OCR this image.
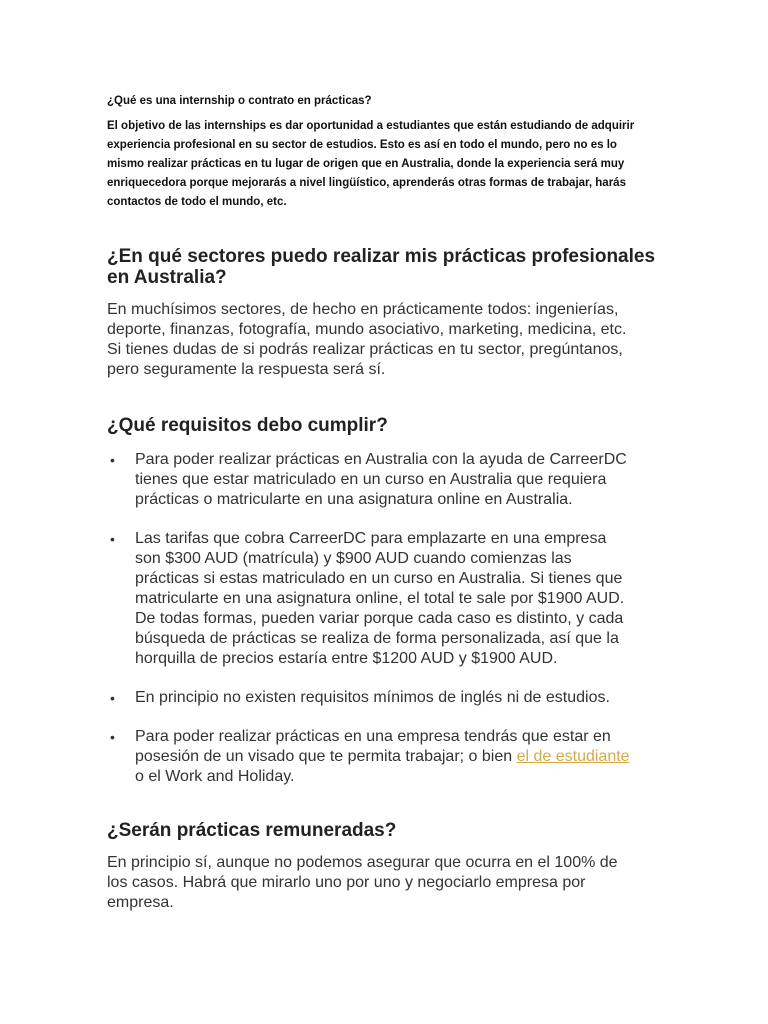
¿Qué es una internship o contrato en prácticas?

El objetivo de las internships es dar oportunidad a estudiantes que están estudiando de adquirir
experiencia profesional en su sector de estudios. Esto es así en todo el mundo, pero no es lo
mismo realizar prácticas en tu lugar de origen que en Australia, donde la experiencia será muy
enriquecedora porque mejorarás a nivel lingüístico, aprenderás otras formas de trabajar, harás
contactos de todo el mundo, etc.

¿En qué sectores puedo realizar mis prácticas profesionales
en Australia?

En muchísimos sectores, de hecho en prácticamente todos: ingenierías,
deporte, finanzas, fotografía, mundo asociativo, marketing, medicina, etc.
Si tienes dudas de si podrás realizar prácticas en tu sector, pregúntanos,
pero seguramente la respuesta será sí.

¿Qué requisitos debo cumplir?
• Para poder realizar prácticas en Australia con la ayuda de CarreerDC
tienes que estar matriculado en un curso en Australia que requiera
prácticas o matricularte en una asignatura online en Australia.
• Las tarifas que cobra CarreerDC para emplazarte en una empresa
son $300 AUD (matrícula) y $900 AUD cuando comienzas las
prácticas si estas matriculado en un curso en Australia. Si tienes que
matricularte en una asignatura online, el total te sale por $1900 AUD.
De todas formas, pueden variar porque cada caso es distinto, y cada
búsqueda de prácticas se realiza de forma personalizada, así que la
horquilla de precios estaría entre $1200 AUD y $1900 AUD.
• En principio no existen requisitos mínimos de inglés ni de estudios.
• Para poder realizar prácticas en una empresa tendrás que estar en
posesión de un visado que te permita trabajar; o bien el de estudiante
o el Work and Holiday.
¿Serán prácticas remuneradas?

En principio sí, aunque no podemos asegurar que ocurra en el 100% de
los casos. Habrá que mirarlo uno por uno y negociarlo empresa por
empresa.
